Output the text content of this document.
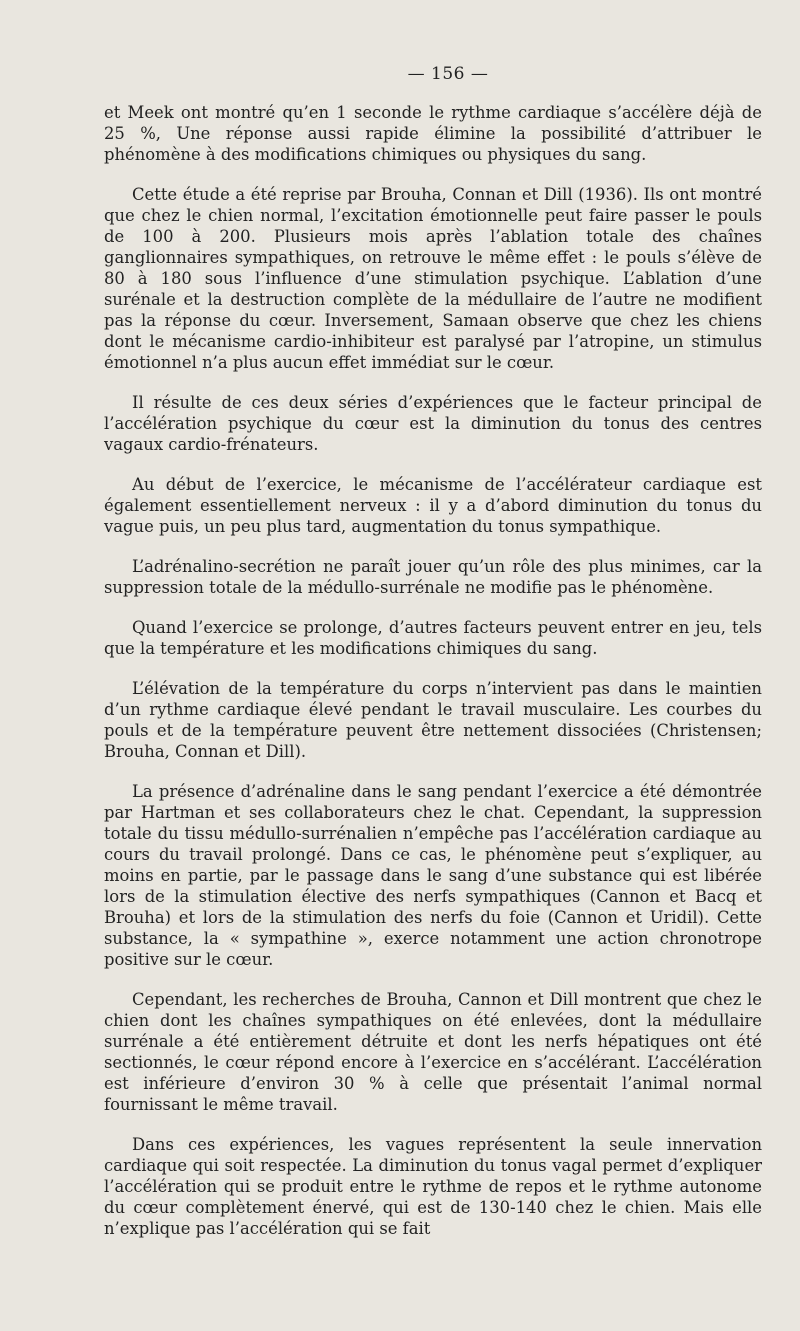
— 156 —

et Meek ont montré qu’en 1 seconde le rythme cardiaque s’accélère déjà de 25 %, Une réponse aussi rapide élimine la possibilité d’attribuer le phénomène à des modifications chimiques ou physiques du sang.

Cette étude a été reprise par Brouha, Connan et Dill (1936). Ils ont montré que chez le chien normal, l’excitation émotionnelle peut faire passer le pouls de 100 à 200. Plusieurs mois après l’ablation totale des chaînes ganglionnaires sympathiques, on retrouve le même effet : le pouls s’élève de 80 à 180 sous l’influence d’une stimulation psychique. L’ablation d’une surénale et la destruction complète de la médullaire de l’autre ne modifient pas la réponse du cœur. Inversement, Samaan observe que chez les chiens dont le mécanisme cardio-inhibiteur est paralysé par l’atropine, un stimulus émotionnel n’a plus aucun effet immédiat sur le cœur.

Il résulte de ces deux séries d’expériences que le facteur principal de l’accélération psychique du cœur est la diminution du tonus des centres vagaux cardio-frénateurs.

Au début de l’exercice, le mécanisme de l’accélérateur cardiaque est également essentiellement nerveux : il y a d’abord diminution du tonus du vague puis, un peu plus tard, augmentation du tonus sympathique.

L’adrénalino-secrétion ne paraît jouer qu’un rôle des plus minimes, car la suppression totale de la médullo-surrénale ne modifie pas le phénomène.

Quand l’exercice se prolonge, d’autres facteurs peuvent entrer en jeu, tels que la température et les modifications chimiques du sang.

L’élévation de la température du corps n’intervient pas dans le maintien d’un rythme cardiaque élevé pendant le travail musculaire. Les courbes du pouls et de la température peuvent être nettement dissociées (Christensen; Brouha, Connan et Dill).

La présence d’adrénaline dans le sang pendant l’exercice a été démontrée par Hartman et ses collaborateurs chez le chat. Cependant, la suppression totale du tissu médullo-surrénalien n’empêche pas l’accélération cardiaque au cours du travail prolongé. Dans ce cas, le phénomène peut s’expliquer, au moins en partie, par le passage dans le sang d’une substance qui est libérée lors de la stimulation élective des nerfs sympathiques (Cannon et Bacq et Brouha) et lors de la stimulation des nerfs du foie (Cannon et Uridil). Cette substance, la « sympathine », exerce notamment une action chronotrope positive sur le cœur.

Cependant, les recherches de Brouha, Cannon et Dill montrent que chez le chien dont les chaînes sympathiques on été enlevées, dont la médullaire surrénale a été entièrement détruite et dont les nerfs hépatiques ont été sectionnés, le cœur répond encore à l’exercice en s’accélérant. L’accélération est inférieure d’environ 30 % à celle que présentait l’animal normal fournissant le même travail.

Dans ces expériences, les vagues représentent la seule innervation cardiaque qui soit respectée. La diminution du tonus vagal permet d’expliquer l’accélération qui se produit entre le rythme de repos et le rythme autonome du cœur complètement énervé, qui est de 130-140 chez le chien. Mais elle n’explique pas l’accélération qui se fait
